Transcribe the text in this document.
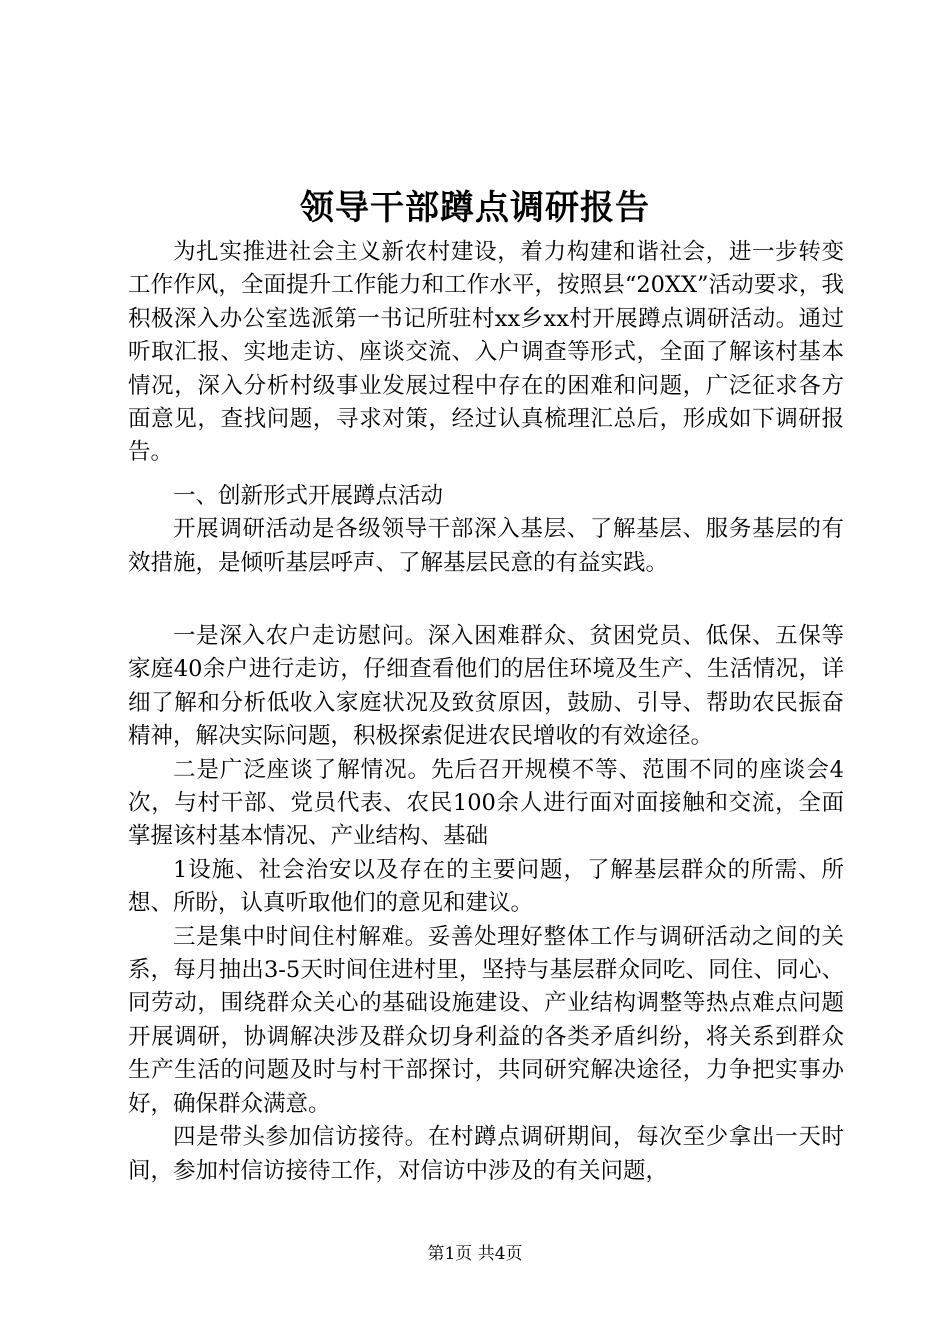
领导干部蹲点调研报告

为扎实推进社会主义新农村建设，着力构建和谐社会，进一步转变工作作风，全面提升工作能力和工作水平，按照县“20XX”活动要求，我积极深入办公室选派第一书记所驻村xx乡xx村开展蹲点调研活动。通过听取汇报、实地走访、座谈交流、入户调查等形式，全面了解该村基本情况，深入分析村级事业发展过程中存在的困难和问题，广泛征求各方面意见，查找问题，寻求对策，经过认真梳理汇总后，形成如下调研报告。

一、创新形式开展蹲点活动

开展调研活动是各级领导干部深入基层、了解基层、服务基层的有效措施，是倾听基层呼声、了解基层民意的有益实践。

一是深入农户走访慰问。深入困难群众、贫困党员、低保、五保等家庭40余户进行走访，仔细查看他们的居住环境及生产、生活情况，详细了解和分析低收入家庭状况及致贫原因，鼓励、引导、帮助农民振奋精神，解决实际问题，积极探索促进农民增收的有效途径。

二是广泛座谈了解情况。先后召开规模不等、范围不同的座谈会4次，与村干部、党员代表、农民100余人进行面对面接触和交流，全面掌握该村基本情况、产业结构、基础

1设施、社会治安以及存在的主要问题，了解基层群众的所需、所想、所盼，认真听取他们的意见和建议。

三是集中时间住村解难。妥善处理好整体工作与调研活动之间的关系，每月抽出3-5天时间住进村里，坚持与基层群众同吃、同住、同心、同劳动，围绕群众关心的基础设施建设、产业结构调整等热点难点问题开展调研，协调解决涉及群众切身利益的各类矛盾纠纷，将关系到群众生产生活的问题及时与村干部探讨，共同研究解决途径，力争把实事办好，确保群众满意。

四是带头参加信访接待。在村蹲点调研期间，每次至少拿出一天时间，参加村信访接待工作，对信访中涉及的有关问题，

第1页 共4页
